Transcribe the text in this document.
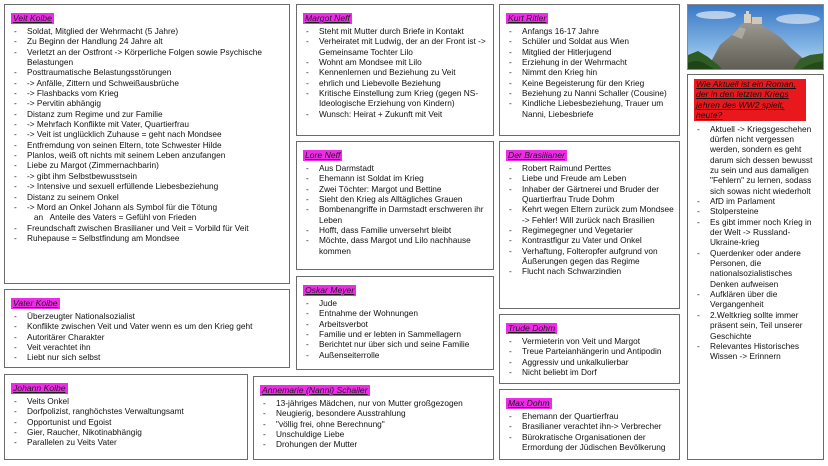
Veit Kolbe
- Soldat, Mitglied der Wehrmacht (5 Jahre)
- Zu Beginn der Handlung 24 Jahre alt
- Verletzt an der Ostfront -> Körperliche Folgen sowie Psychische Belastungen
- Posttraumatische Belastungsstörungen
- -> Anfälle, Zittern und Schweißausbrüche
- -> Flashbacks vom Krieg
- -> Pervitin abhängig
- Distanz zum Regime und zur Familie
- -> Mehrfach Konflikte mit Vater, Quartierfrau
- -> Veit ist unglücklich Zuhause = geht nach Mondsee
- Entfremdung von seinen Eltern, tote Schwester Hilde
- Planlos, weiß oft nichts mit seinem Leben anzufangen
- Liebe zu Margot (Zimmernachbarin)
- -> gibt ihm Selbstbewusstsein
- -> Intensive und sexuell erfüllende Liebesbeziehung
- Distanz zu seinem Onkel
- -> Mord an Onkel Johann als Symbol für die Tötung
an   Anteile des Vaters = Gefühl von Frieden
- Freundschaft zwischen Brasilianer und Veit = Vorbild für Veit
- Ruhepause = Selbstfindung am Mondsee
Vater Kolbe
- Überzeugter Nationalsozialist
- Konflikte zwischen Veit und Vater wenn es um den Krieg geht
- Autoritärer Charakter
- Veit verachtet ihn
- Liebt nur sich selbst
Johann Kolbe
- Veits Onkel
- Dorfpolizist, ranghöchstes Verwaltungsamt
- Opportunist und Egoist
- Gier, Raucher, Nikotinabhängig
- Parallelen zu Veits Vater
Margot Neff
- Steht mit Mutter durch Briefe in Kontakt
- Verheiratet mit Ludwig, der an der Front ist -> Gemeinsame Tochter Lilo
- Wohnt am Mondsee mit Lilo
- Kennenlernen und Beziehung zu Veit
- ehrlich und Liebevolle Beziehung
- Kritische Einstellung zum Krieg (gegen NS-Ideologische Erziehung von Kindern)
- Wunsch: Heirat + Zukunft mit Veit
Lore Neff
- Aus Darmstadt
- Ehemann ist Soldat im Krieg
- Zwei Töchter: Margot und Bettine
- Sieht den Krieg als Alltägliches Grauen
- Bombenangriffe in Darmstadt erschweren ihr Leben
- Hofft, dass Familie unversehrt bleibt
- Möchte, dass Margot und Lilo nachhause kommen
Oskar Meyer
- Jude
- Entnahme der Wohnungen
- Arbeitsverbot
- Familie und er lebten in Sammellagern
- Berichtet nur über sich und seine Familie
- Außenseiterrolle
Annemarie (Nanni) Schaller
- 13-jähriges Mädchen, nur von Mutter großgezogen
- Neugierig, besondere Ausstrahlung
- "völlig frei, ohne Berechnung"
- Unschuldige Liebe
- Drohungen der Mutter
Kurt Ritler
- Anfangs 16-17 Jahre
- Schüler und Soldat aus Wien
- Mitglied der Hitlerjugend
- Erziehung in der Wehrmacht
- Nimmt den Krieg hin
- Keine Begeisterung für den Krieg
- Beziehung zu Nanni Schaller (Cousine)
- Kindliche Liebesbeziehung, Trauer um Nanni, Liebesbriefe
Der Brasilianer
- Robert Raimund Perttes
- Liebe und Freude am Leben
- Inhaber der Gärtnerei und Bruder der  Quartierfrau Trude Dohm
- Kehrt wegen Eltern zurück zum Mondsee -> Fehler! Will zurück nach Brasilien
- Regimegegner und Vegetarier
- Kontrastfigur zu Vater und Onkel
- Verhaftung, Folteropfer aufgrund von Äußerungen gegen das Regime
- Flucht nach Schwarzindien
Trude Dohm
- Vermieterin von Veit und Margot
- Treue Parteianhängerin und Antipodin
- Aggressiv und unkalkulierbar
- Nicht beliebt im Dorf
Max Dohm
- Ehemann der Quartierfrau
- Brasilianer verachtet ihn-> Verbrecher
- Bürokratische Organisationen der Ermordung der Jüdischen Bevölkerung
Wie Aktuell ist ein Roman, der in den letzten Kriegs jahren des WW2 spielt, heute?
- Aktuell -> Kriegsgeschehen dürfen nicht vergessen werden, sondern es geht darum sich dessen bewusst zu sein und aus damaligen "Fehlern" zu lernen, sodass sich sowas nicht wiederholt
- AfD im Parlament
- Stolpersteine
- Es gibt immer noch Krieg in der Welt -> Russland-Ukraine-krieg
- Querdenker oder andere Personen, die nationalsozialistisches Denken aufweisen
- Aufklären über die Vergangenheit
- 2.Weltkrieg sollte immer präsent sein, Teil unserer Geschichte
- Relevantes Historisches Wissen -> Erinnern
